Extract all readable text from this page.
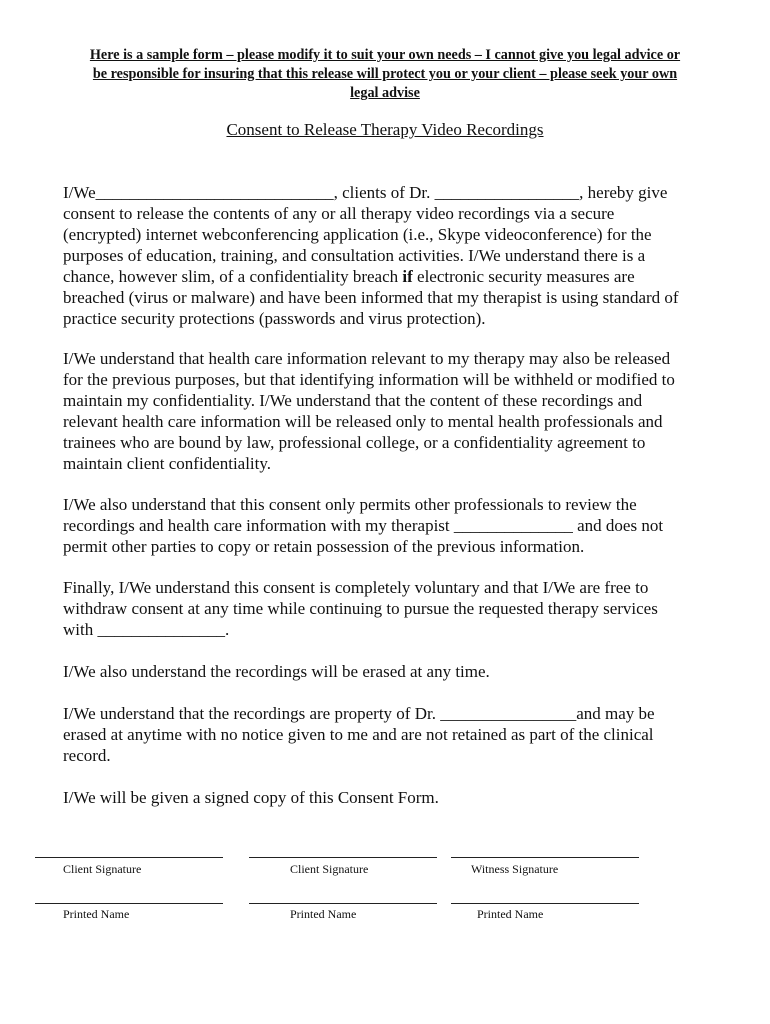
Here is a sample form – please modify it to suit your own needs – I cannot give you legal advice or
be responsible for insuring that this release will protect you or your client – please seek your own
legal advise
Consent to Release Therapy Video Recordings
I/We____________________________, clients of Dr. _________________, hereby give
consent to release the contents of any or all therapy video recordings via a secure
(encrypted) internet webconferencing application (i.e., Skype videoconference) for the
purposes of education, training, and consultation activities. I/We understand there is a
chance, however slim, of a confidentiality breach if electronic security measures are
breached (virus or malware) and have been informed that my therapist is using standard of
practice security protections (passwords and virus protection).
I/We understand that health care information relevant to my therapy may also be released
for the previous purposes, but that identifying information will be withheld or modified to
maintain my confidentiality. I/We understand that the content of these recordings and
relevant health care information will be released only to mental health professionals and
trainees who are bound by law, professional college, or a confidentiality agreement to
maintain client confidentiality.
I/We also understand that this consent only permits other professionals to review the
recordings and health care information with my therapist ______________ and does not
permit other parties to copy or retain possession of the previous information.
Finally, I/We understand this consent is completely voluntary and that I/We are free to
withdraw consent at any time while continuing to pursue the requested therapy services
with _______________.
I/We also understand the recordings will be erased at any time.
I/We understand that the recordings are property of Dr. ________________and may be
erased at anytime with no notice given to me and are not retained as part of the clinical
record.
I/We will be given a signed copy of this Consent Form.
Client Signature	Client Signature	Witness Signature
Printed Name	Printed Name	Printed Name
